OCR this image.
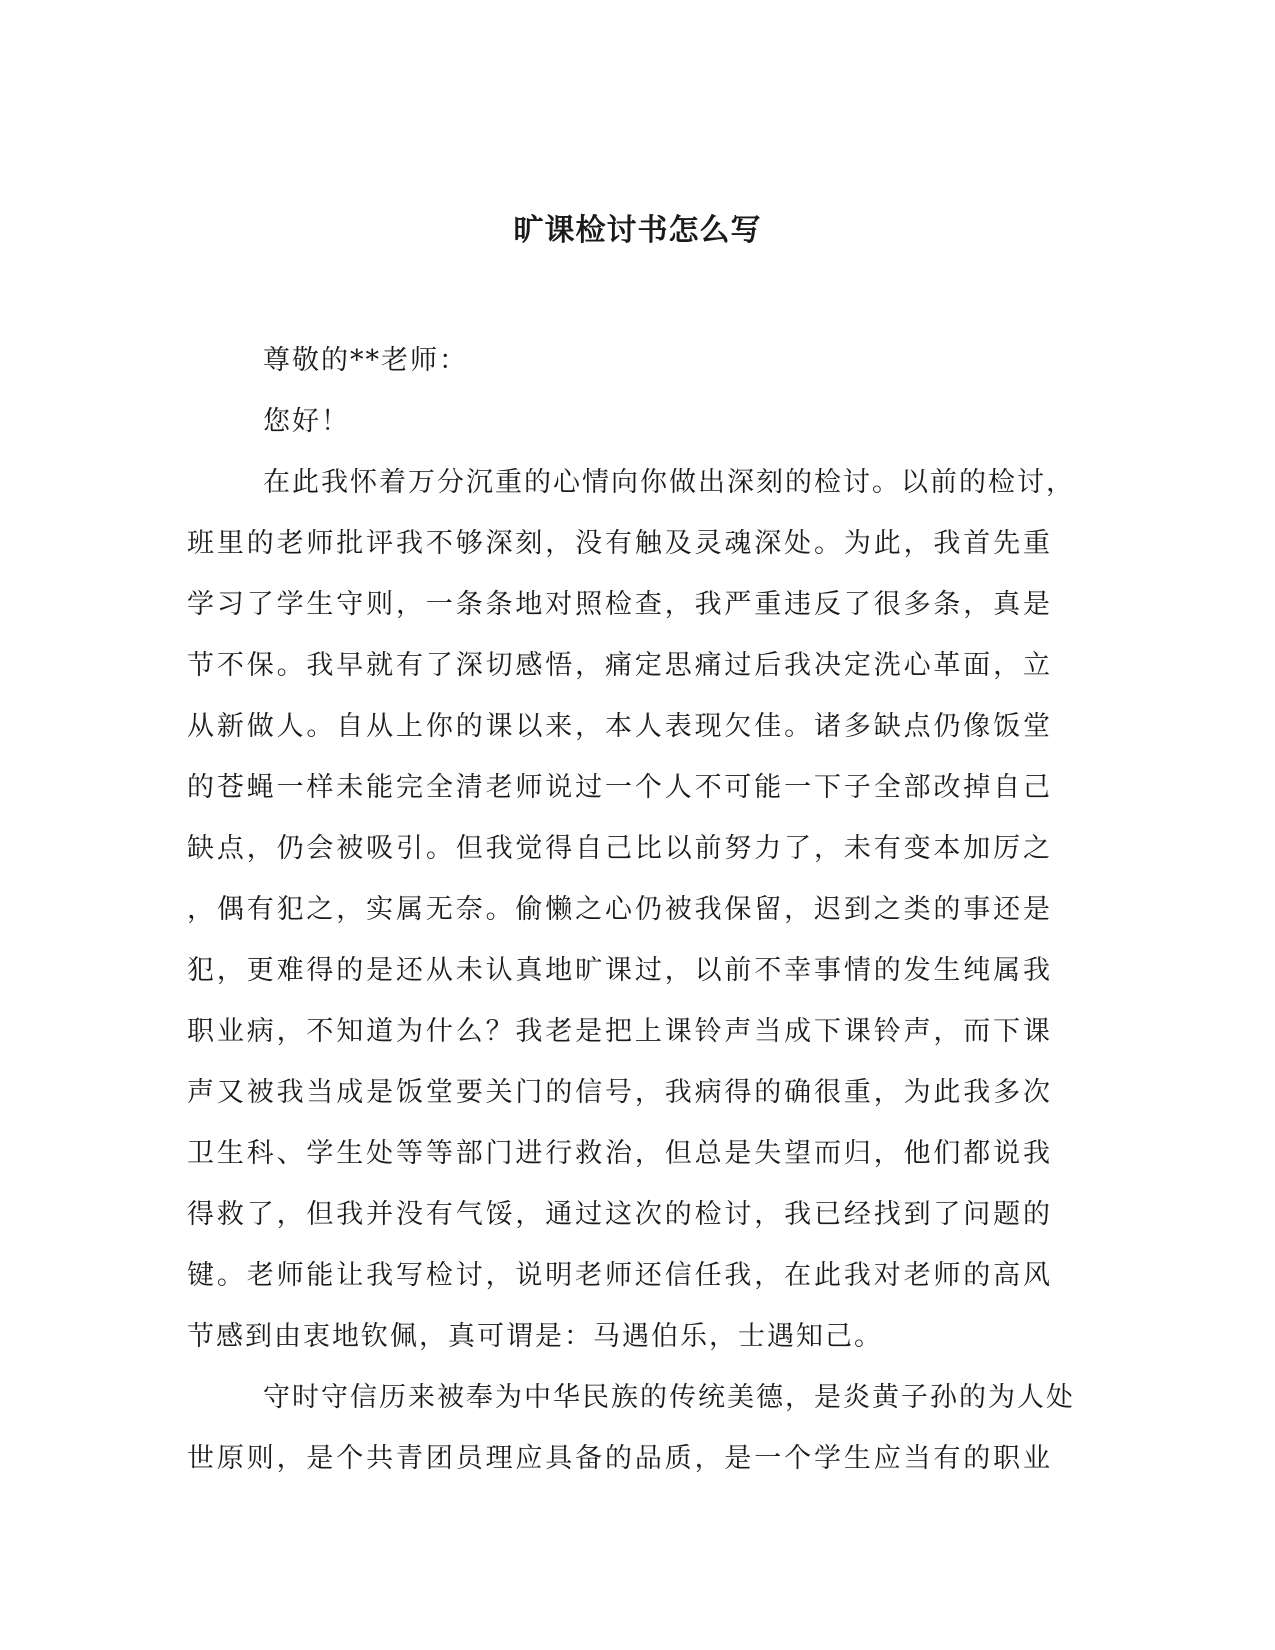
旷课检讨书怎么写

尊敬的**老师：

您好！

在此我怀着万分沉重的心情向你做出深刻的检讨。以前的检讨，

班里的老师批评我不够深刻，没有触及灵魂深处。为此，我首先重

学习了学生守则，一条条地对照检查，我严重违反了很多条，真是

节不保。我早就有了深切感悟，痛定思痛过后我决定洗心革面，立

从新做人。自从上你的课以来，本人表现欠佳。诸多缺点仍像饭堂

的苍蝇一样未能完全清老师说过一个人不可能一下子全部改掉自己

缺点，仍会被吸引。但我觉得自己比以前努力了，未有变本加厉之

，偶有犯之，实属无奈。偷懒之心仍被我保留，迟到之类的事还是

犯，更难得的是还从未认真地旷课过，以前不幸事情的发生纯属我

职业病，不知道为什么？我老是把上课铃声当成下课铃声，而下课

声又被我当成是饭堂要关门的信号，我病得的确很重，为此我多次

卫生科、学生处等等部门进行救治，但总是失望而归，他们都说我

得救了，但我并没有气馁，通过这次的检讨，我已经找到了问题的

键。老师能让我写检讨，说明老师还信任我，在此我对老师的高风

节感到由衷地钦佩，真可谓是：马遇伯乐，士遇知己。

守时守信历来被奉为中华民族的传统美德，是炎黄子孙的为人处

世原则，是个共青团员理应具备的品质，是一个学生应当有的职业
